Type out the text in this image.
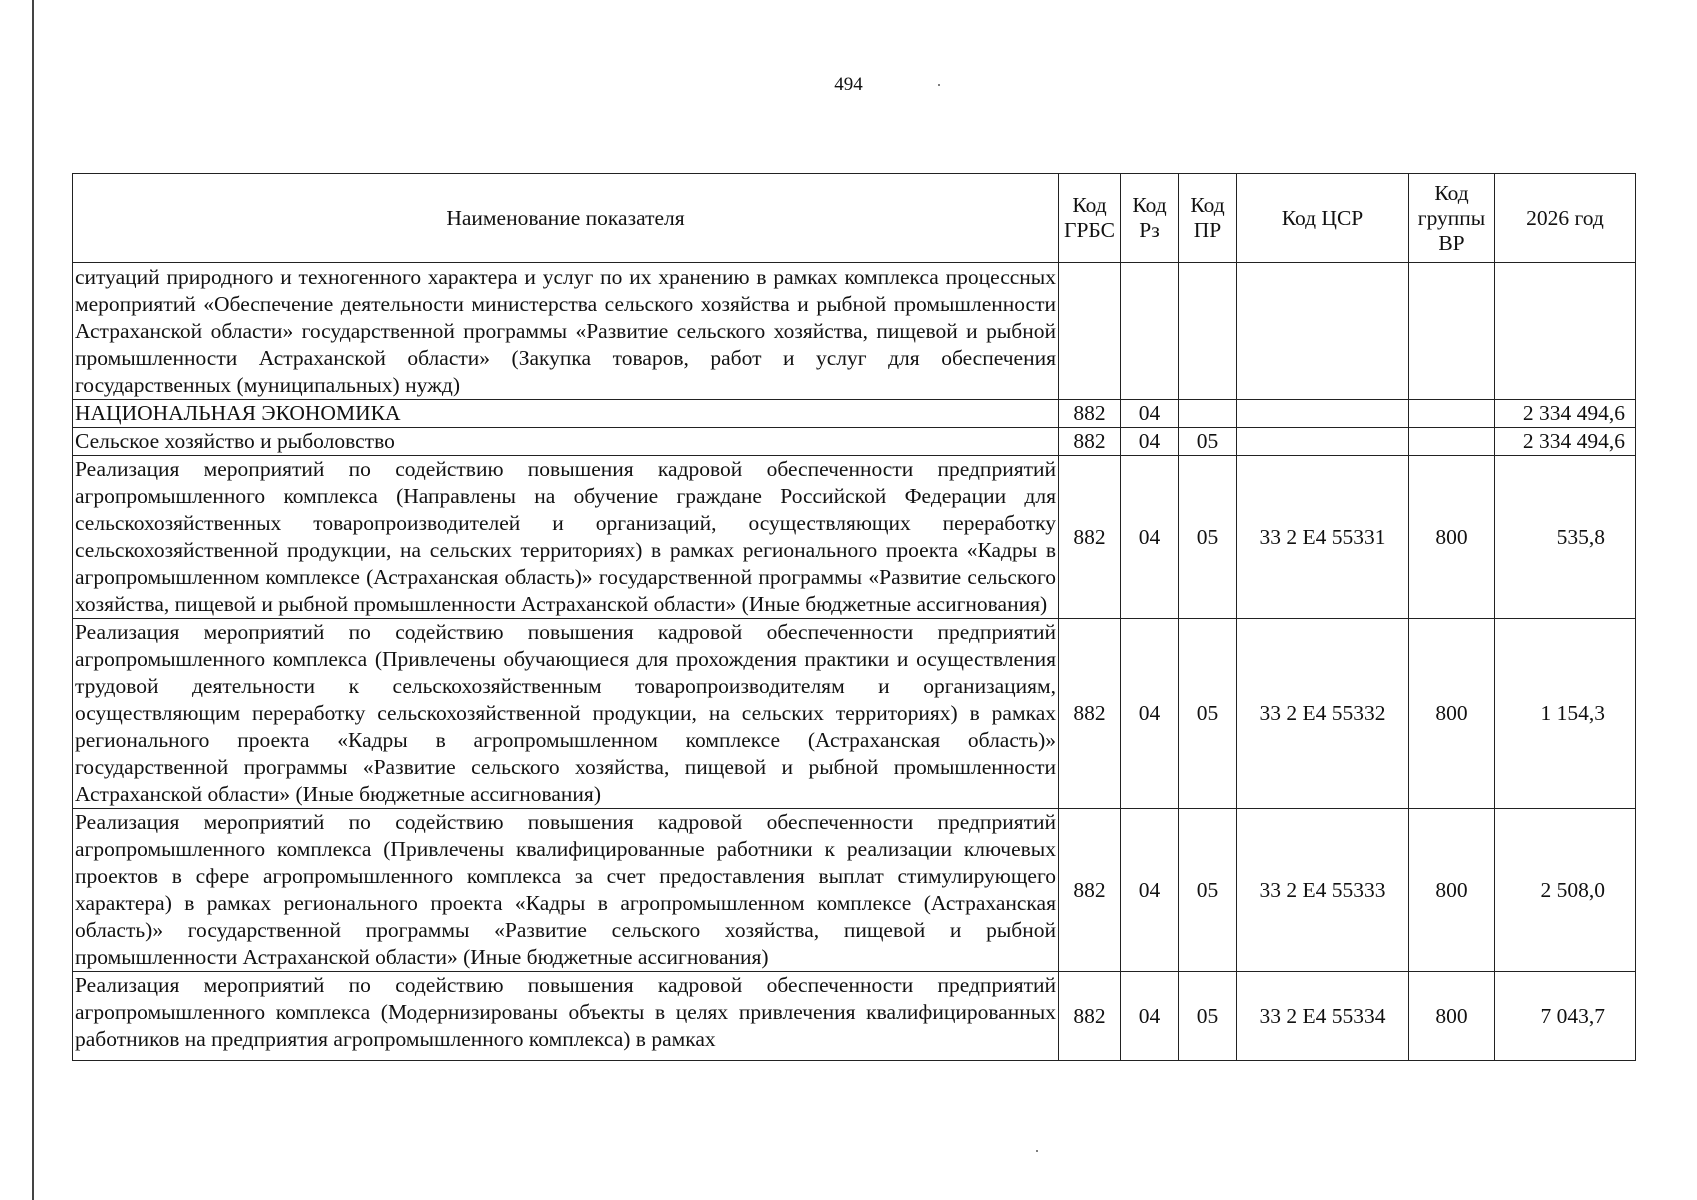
494
Наименование показателя	Код ГРБС	Код Рз	Код ПР	Код ЦСР	Код группы ВР	2026 год
ситуаций природного и техногенного характера и услуг по их хранению в рамках комплекса процессных мероприятий «Обеспечение деятельности министерства сельского хозяйства и рыбной промышленности Астраханской области» государственной программы «Развитие сельского хозяйства, пищевой и рыбной промышленности Астраханской области» (Закупка товаров, работ и услуг для обеспечения государственных (муниципальных) нужд)						
НАЦИОНАЛЬНАЯ ЭКОНОМИКА	882	04				2 334 494,6
Сельское хозяйство и рыболовство	882	04	05			2 334 494,6
Реализация мероприятий по содействию повышения кадровой обеспеченности предприятий агропромышленного комплекса (Направлены на обучение граждане Российской Федерации для сельскохозяйственных товаропроизводителей и организаций, осуществляющих переработку сельскохозяйственной продукции, на сельских территориях) в рамках регионального проекта «Кадры в агропромышленном комплексе (Астраханская область)» государственной программы «Развитие сельского хозяйства, пищевой и рыбной промышленности Астраханской области» (Иные бюджетные ассигнования)	882	04	05	33 2 Е4 55331	800	535,8
Реализация мероприятий по содействию повышения кадровой обеспеченности предприятий агропромышленного комплекса (Привлечены обучающиеся для прохождения практики и осуществления трудовой деятельности к сельскохозяйственным товаропроизводителям и организациям, осуществляющим переработку сельскохозяйственной продукции, на сельских территориях) в рамках регионального проекта «Кадры в агропромышленном комплексе (Астраханская область)» государственной программы «Развитие сельского хозяйства, пищевой и рыбной промышленности Астраханской области» (Иные бюджетные ассигнования)	882	04	05	33 2 Е4 55332	800	1 154,3
Реализация мероприятий по содействию повышения кадровой обеспеченности предприятий агропромышленного комплекса (Привлечены квалифицированные работники к реализации ключевых проектов в сфере агропромышленного комплекса за счет предоставления выплат стимулирующего характера) в рамках регионального проекта «Кадры в агропромышленном комплексе (Астраханская область)» государственной программы «Развитие сельского хозяйства, пищевой и рыбной промышленности Астраханской области» (Иные бюджетные ассигнования)	882	04	05	33 2 Е4 55333	800	2 508,0
Реализация мероприятий по содействию повышения кадровой обеспеченности предприятий агропромышленного комплекса (Модернизированы объекты в целях привлечения квалифицированных работников на предприятия агропромышленного комплекса) в рамках	882	04	05	33 2 Е4 55334	800	7 043,7
